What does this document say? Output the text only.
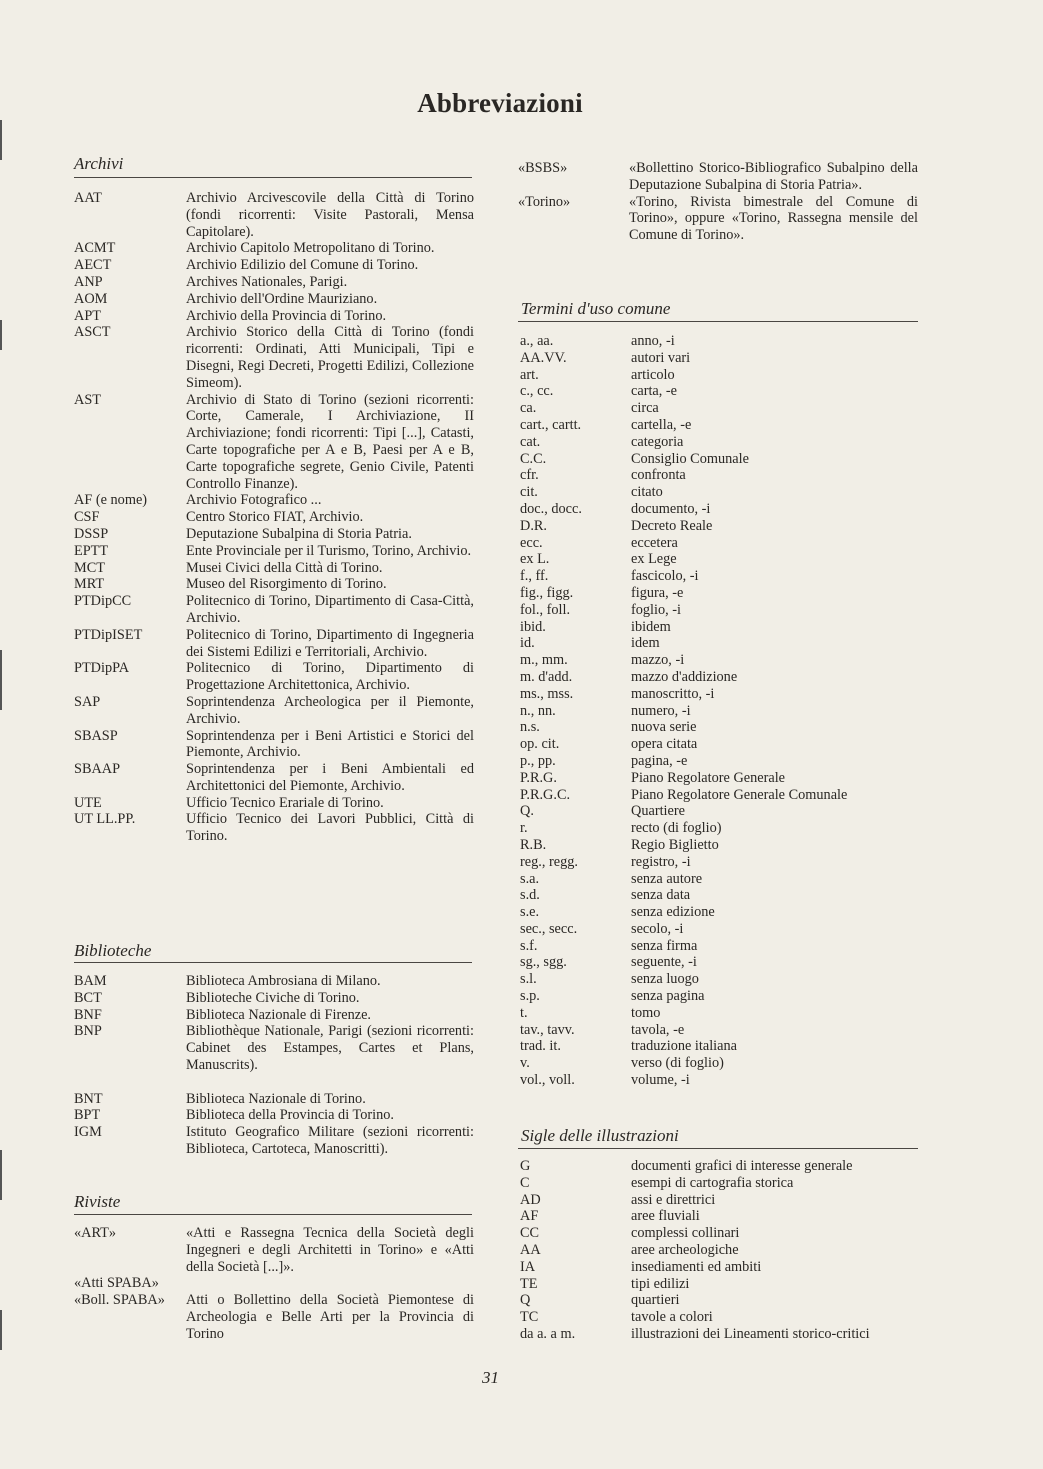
Abbreviazioni
Archivi
AAT	Archivio Arcivescovile della Città di Torino (fondi ricorrenti: Visite Pastorali, Mensa Capitolare).
ACMT	Archivio Capitolo Metropolitano di Torino.
AECT	Archivio Edilizio del Comune di Torino.
ANP	Archives Nationales, Parigi.
AOM	Archivio dell'Ordine Mauriziano.
APT	Archivio della Provincia di Torino.
ASCT	Archivio Storico della Città di Torino (fondi ricorrenti: Ordinati, Atti Municipali, Tipi e Disegni, Regi Decreti, Progetti Edilizi, Collezione Simeom).
AST	Archivio di Stato di Torino (sezioni ricorrenti: Corte, Camerale, I Archiviazione, II Archiviazione; fondi ricorrenti: Tipi [...], Catasti, Carte topografiche per A e B, Paesi per A e B, Carte topografiche segrete, Genio Civile, Patenti Controllo Finanze).
AF (e nome)	Archivio Fotografico ...
CSF	Centro Storico FIAT, Archivio.
DSSP	Deputazione Subalpina di Storia Patria.
EPTT	Ente Provinciale per il Turismo, Torino, Archivio.
MCT	Musei Civici della Città di Torino.
MRT	Museo del Risorgimento di Torino.
PTDipCC	Politecnico di Torino, Dipartimento di Casa-Città, Archivio.
PTDipISET	Politecnico di Torino, Dipartimento di Ingegneria dei Sistemi Edilizi e Territoriali, Archivio.
PTDipPA	Politecnico di Torino, Dipartimento di Progettazione Architettonica, Archivio.
SAP	Soprintendenza Archeologica per il Piemonte, Archivio.
SBASP	Soprintendenza per i Beni Artistici e Storici del Piemonte, Archivio.
SBAAP	Soprintendenza per i Beni Ambientali ed Architettonici del Piemonte, Archivio.
UTE	Ufficio Tecnico Erariale di Torino.
UT LL.PP.	Ufficio Tecnico dei Lavori Pubblici, Città di Torino.
Biblioteche
BAM	Biblioteca Ambrosiana di Milano.
BCT	Biblioteche Civiche di Torino.
BNF	Biblioteca Nazionale di Firenze.
BNP	Bibliothèque Nationale, Parigi (sezioni ricorrenti: Cabinet des Estampes, Cartes et Plans, Manuscrits).
BNT	Biblioteca Nazionale di Torino.
BPT	Biblioteca della Provincia di Torino.
IGM	Istituto Geografico Militare (sezioni ricorrenti: Biblioteca, Cartoteca, Manoscritti).
Riviste
«ART»	«Atti e Rassegna Tecnica della Società degli Ingegneri e degli Architetti in Torino» e «Atti della Società [...]».
«Atti SPABA»
«Boll. SPABA»	Atti o Bollettino della Società Piemontese di Archeologia e Belle Arti per la Provincia di Torino
«BSBS»	«Bollettino Storico-Bibliografico Subalpino della Deputazione Subalpina di Storia Patria».
«Torino»	«Torino, Rivista bimestrale del Comune di Torino», oppure «Torino, Rassegna mensile del Comune di Torino».
Termini d'uso comune
a., aa.	anno, -i
AA.VV.	autori vari
art.	articolo
c., cc.	carta, -e
ca.	circa
cart., cartt.	cartella, -e
cat.	categoria
C.C.	Consiglio Comunale
cfr.	confronta
cit.	citato
doc., docc.	documento, -i
D.R.	Decreto Reale
ecc.	eccetera
ex L.	ex Lege
f., ff.	fascicolo, -i
fig., figg.	figura, -e
fol., foll.	foglio, -i
ibid.	ibidem
id.	idem
m., mm.	mazzo, -i
m. d'add.	mazzo d'addizione
ms., mss.	manoscritto, -i
n., nn.	numero, -i
n.s.	nuova serie
op. cit.	opera citata
p., pp.	pagina, -e
P.R.G.	Piano Regolatore Generale
P.R.G.C.	Piano Regolatore Generale Comunale
Q.	Quartiere
r.	recto (di foglio)
R.B.	Regio Biglietto
reg., regg.	registro, -i
s.a.	senza autore
s.d.	senza data
s.e.	senza edizione
sec., secc.	secolo, -i
s.f.	senza firma
sg., sgg.	seguente, -i
s.l.	senza luogo
s.p.	senza pagina
t.	tomo
tav., tavv.	tavola, -e
trad. it.	traduzione italiana
v.	verso (di foglio)
vol., voll.	volume, -i
Sigle delle illustrazioni
G	documenti grafici di interesse generale
C	esempi di cartografia storica
AD	assi e direttrici
AF	aree fluviali
CC	complessi collinari
AA	aree archeologiche
IA	insediamenti ed ambiti
TE	tipi edilizi
Q	quartieri
TC	tavole a colori
da a. a m.	illustrazioni dei Lineamenti storico-critici
31
